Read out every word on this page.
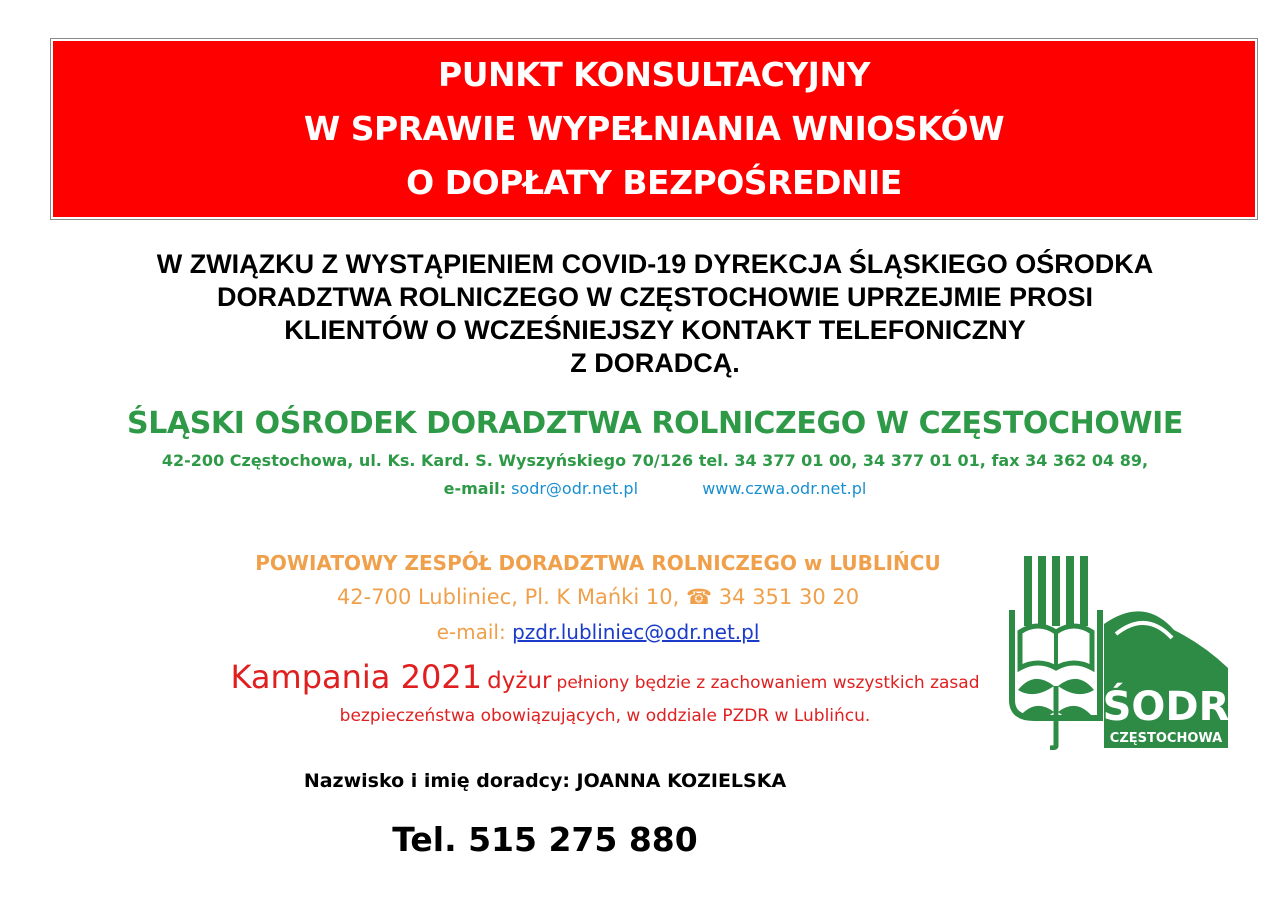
PUNKT KONSULTACYJNY
W SPRAWIE WYPEŁNIANIA WNIOSKÓW
O DOPŁATY BEZPOŚREDNIE
W ZWIĄZKU Z WYSTĄPIENIEM COVID-19 DYREKCJA ŚLĄSKIEGO OŚRODKA
DORADZTWA ROLNICZEGO W CZĘSTOCHOWIE UPRZEJMIE PROSI
KLIENTÓW O WCZEŚNIEJSZY KONTAKT TELEFONICZNY
Z DORADCĄ.
ŚLĄSKI OŚRODEK DORADZTWA ROLNICZEGO W CZĘSTOCHOWIE
42-200 Częstochowa, ul. Ks. Kard. S. Wyszyńskiego 70/126 tel. 34 377 01 00, 34 377 01 01, fax 34 362 04 89,
e-mail: sodr@odr.net.pl	www.czwa.odr.net.pl
POWIATOWY ZESPÓŁ DORADZTWA ROLNICZEGO w LUBLIŃCU
42-700 Lubliniec, Pl. K Mańki 10, ☎ 34 351 30 20
e-mail: pzdr.lubliniec@odr.net.pl
Kampania 2021 dyżur pełniony będzie z zachowaniem wszystkich zasad
bezpieczeństwa obowiązujących, w oddziale PZDR w Lublińcu.
Nazwisko i imię doradcy: JOANNA KOZIELSKA
Tel. 515 275 880
ŚODR
CZĘSTOCHOWA
